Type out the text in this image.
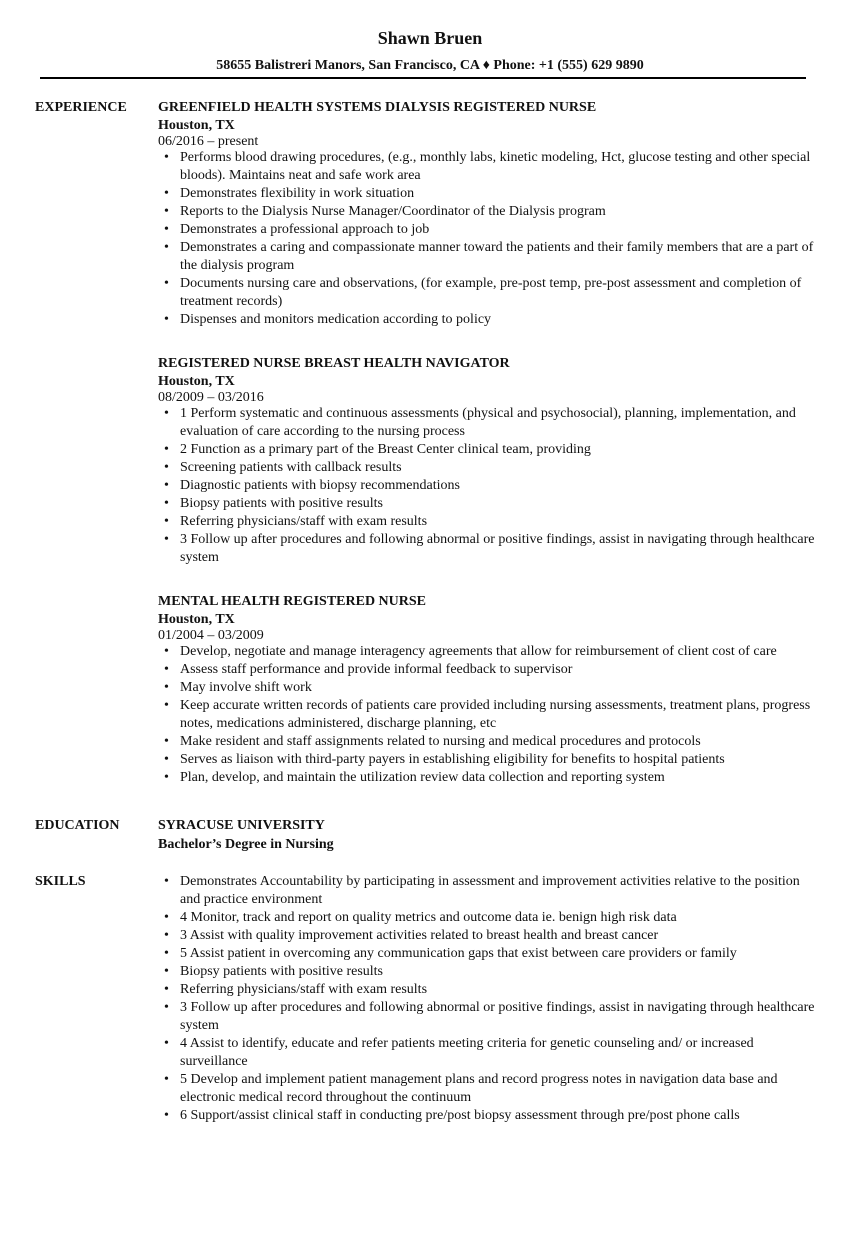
Shawn Bruen
58655 Balistreri Manors, San Francisco, CA ♦ Phone: +1 (555) 629 9890
EXPERIENCE	GREENFIELD HEALTH SYSTEMS DIALYSIS REGISTERED NURSE
Houston, TX
06/2016 – present
• Performs blood drawing procedures, (e.g., monthly labs, kinetic modeling, Hct, glucose testing and other special bloods). Maintains neat and safe work area
• Demonstrates flexibility in work situation
• Reports to the Dialysis Nurse Manager/Coordinator of the Dialysis program
• Demonstrates a professional approach to job
• Demonstrates a caring and compassionate manner toward the patients and their family members that are a part of the dialysis program
• Documents nursing care and observations, (for example, pre-post temp, pre-post assessment and completion of treatment records)
• Dispenses and monitors medication according to policy
REGISTERED NURSE BREAST HEALTH NAVIGATOR
Houston, TX
08/2009 – 03/2016
• 1 Perform systematic and continuous assessments (physical and psychosocial), planning, implementation, and evaluation of care according to the nursing process
• 2 Function as a primary part of the Breast Center clinical team, providing
• Screening patients with callback results
• Diagnostic patients with biopsy recommendations
• Biopsy patients with positive results
• Referring physicians/staff with exam results
• 3 Follow up after procedures and following abnormal or positive findings, assist in navigating through healthcare system
MENTAL HEALTH REGISTERED NURSE
Houston, TX
01/2004 – 03/2009
• Develop, negotiate and manage interagency agreements that allow for reimbursement of client cost of care
• Assess staff performance and provide informal feedback to supervisor
• May involve shift work
• Keep accurate written records of patients care provided including nursing assessments, treatment plans, progress notes, medications administered, discharge planning, etc
• Make resident and staff assignments related to nursing and medical procedures and protocols
• Serves as liaison with third-party payers in establishing eligibility for benefits to hospital patients
• Plan, develop, and maintain the utilization review data collection and reporting system
EDUCATION	SYRACUSE UNIVERSITY
Bachelor’s Degree in Nursing
SKILLS
•	Demonstrates Accountability by participating in assessment and improvement activities relative to the position and practice environment
• 4 Monitor, track and report on quality metrics and outcome data ie. benign high risk data
• 3 Assist with quality improvement activities related to breast health and breast cancer
• 5 Assist patient in overcoming any communication gaps that exist between care providers or family
• Biopsy patients with positive results
• Referring physicians/staff with exam results
• 3 Follow up after procedures and following abnormal or positive findings, assist in navigating through healthcare system
• 4 Assist to identify, educate and refer patients meeting criteria for genetic counseling and/ or increased surveillance
• 5 Develop and implement patient management plans and record progress notes in navigation data base and electronic medical record throughout the continuum
• 6 Support/assist clinical staff in conducting pre/post biopsy assessment through pre/post phone calls
